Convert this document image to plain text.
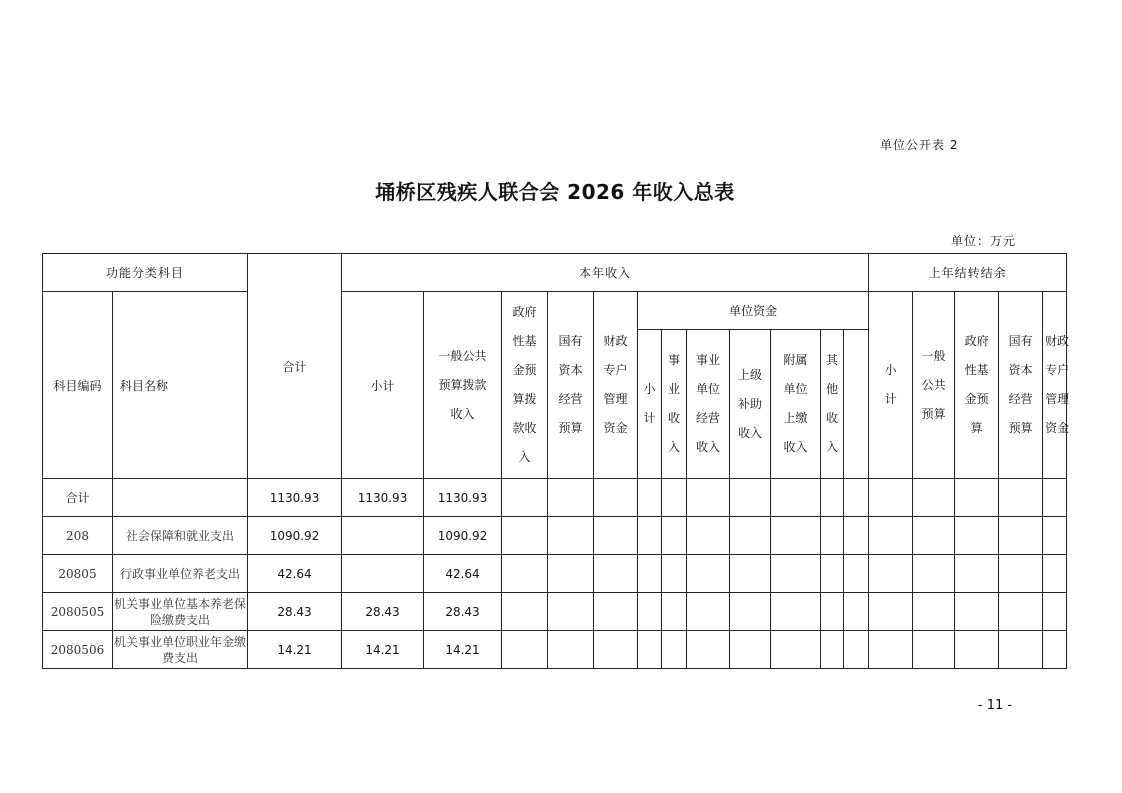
单位公开表 2
埇桥区残疾人联合会 2026 年收入总表
单位：万元
功能分类科目		合计	本年收入												上年结转结余					
科目编码	科目名称		小计	一般公共预算拨款收入	政府性基金预算拨款收入	国有资本经营预算	财政专户管理资金	单位资金							小计	一般公共预算	政府性基金预算	国有资本经营预算	财政专户管理资金	
								小计	事业收入	事业单位经营收入	上级补助收入	附属单位上缴收入	其他收入							
合计		1130.93	1130.93	1130.93																
208	社会保障和就业支出	1090.92		1090.92																
20805	行政事业单位养老支出	42.64		42.64																
2080505	机关事业单位基本养老保险缴费支出	28.43	28.43	28.43																
2080506	机关事业单位职业年金缴费支出	14.21	14.21	14.21																
- 11 -
